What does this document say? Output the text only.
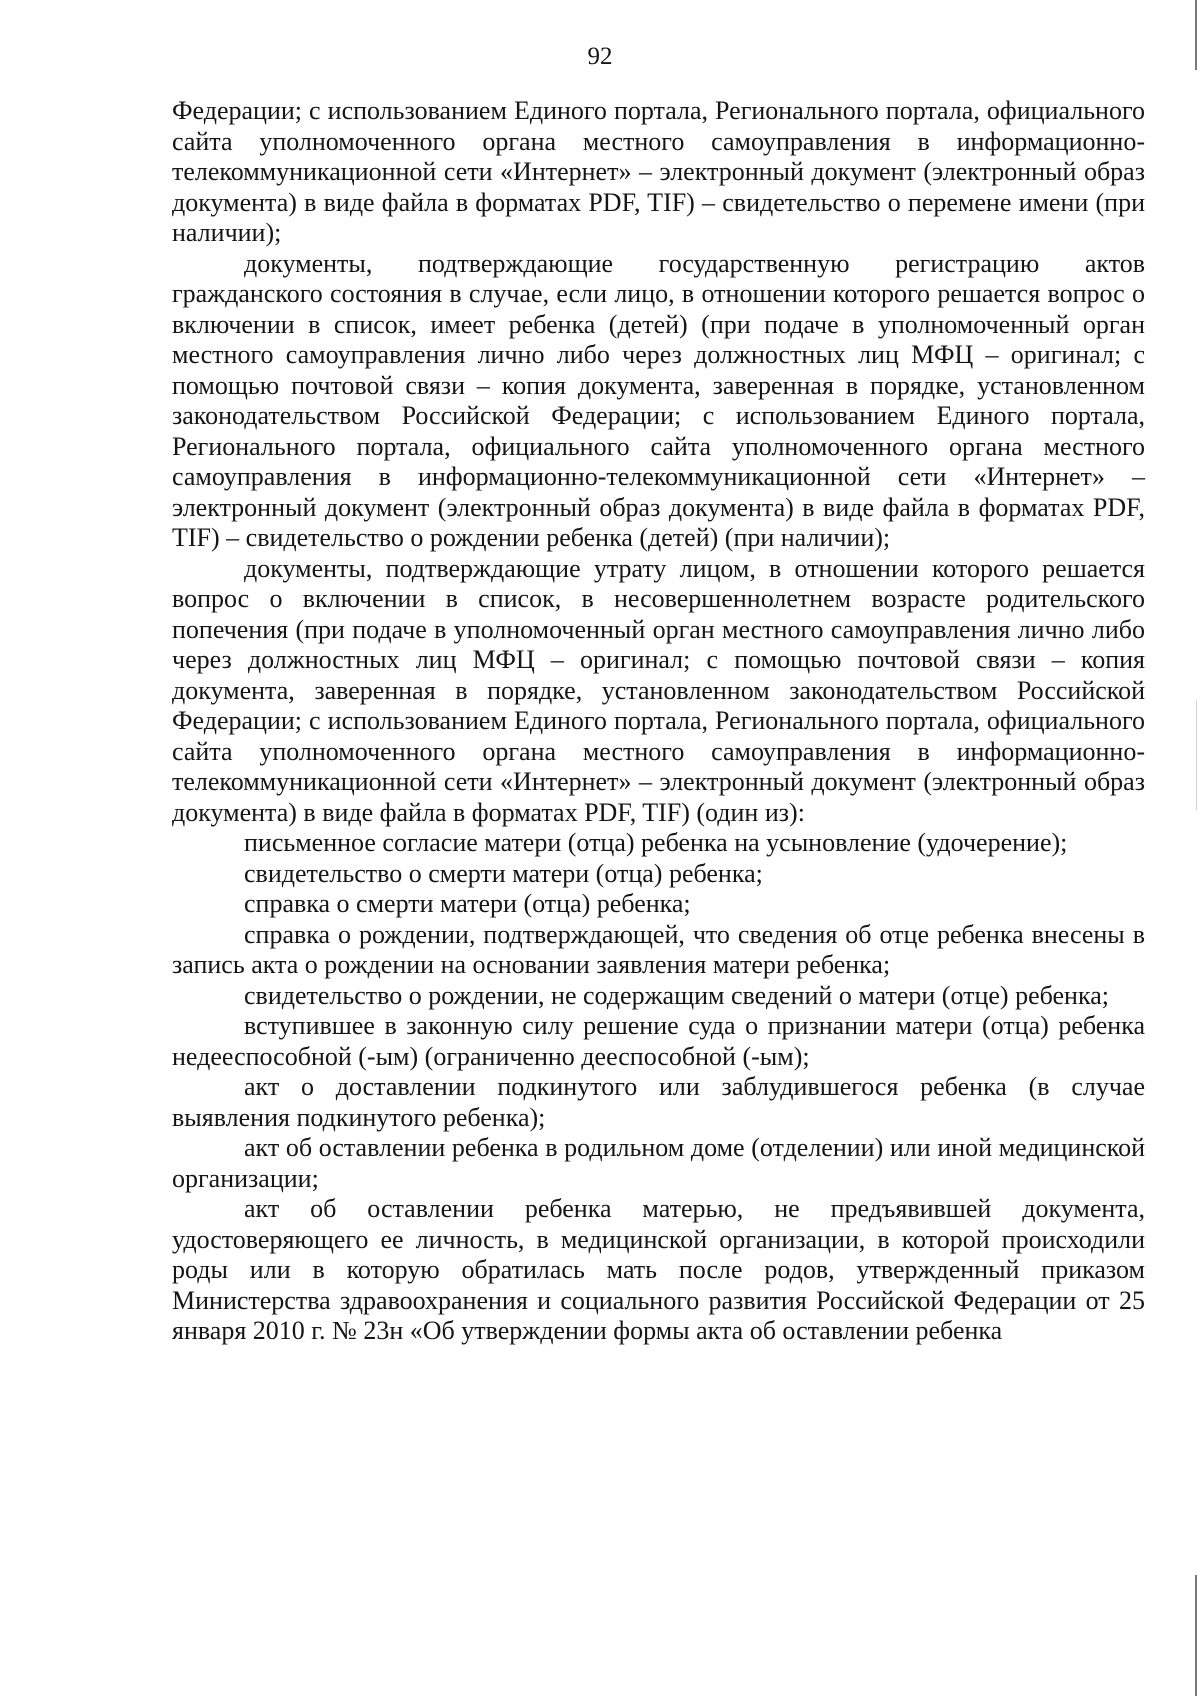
92

Федерации; с использованием Единого портала, Регионального портала, официального сайта уполномоченного органа местного самоуправления в информационно-телекоммуникационной сети «Интернет» – электронный документ (электронный образ документа) в виде файла в форматах PDF, TIF) – свидетельство о перемене имени (при наличии);

документы, подтверждающие государственную регистрацию актов гражданского состояния в случае, если лицо, в отношении которого решается вопрос о включении в список, имеет ребенка (детей) (при подаче в уполномоченный орган местного самоуправления лично либо через должностных лиц МФЦ – оригинал; с помощью почтовой связи – копия документа, заверенная в порядке, установленном законодательством Российской Федерации; с использованием Единого портала, Регионального портала, официального сайта уполномоченного органа местного самоуправления в информационно-телекоммуникационной сети «Интернет» – электронный документ (электронный образ документа) в виде файла в форматах PDF, TIF) – свидетельство о рождении ребенка (детей) (при наличии);

документы, подтверждающие утрату лицом, в отношении которого решается вопрос о включении в список, в несовершеннолетнем возрасте родительского попечения (при подаче в уполномоченный орган местного самоуправления лично либо через должностных лиц МФЦ – оригинал; с помощью почтовой связи – копия документа, заверенная в порядке, установленном законодательством Российской Федерации; с использованием Единого портала, Регионального портала, официального сайта уполномоченного органа местного самоуправления в информационно-телекоммуникационной сети «Интернет» – электронный документ (электронный образ документа) в виде файла в форматах PDF, TIF) (один из):

письменное согласие матери (отца) ребенка на усыновление (удочерение);

свидетельство о смерти матери (отца) ребенка;

справка о смерти матери (отца) ребенка;

справка о рождении, подтверждающей, что сведения об отце ребенка внесены в запись акта о рождении на основании заявления матери ребенка;

свидетельство о рождении, не содержащим сведений о матери (отце) ребенка;

вступившее в законную силу решение суда о признании матери (отца) ребенка недееспособной (-ым) (ограниченно дееспособной (-ым);

акт о доставлении подкинутого или заблудившегося ребенка (в случае выявления подкинутого ребенка);

акт об оставлении ребенка в родильном доме (отделении) или иной медицинской организации;

акт об оставлении ребенка матерью, не предъявившей документа, удостоверяющего ее личность, в медицинской организации, в которой происходили роды или в которую обратилась мать после родов, утвержденный приказом Министерства здравоохранения и социального развития Российской Федерации от 25 января 2010 г. № 23н «Об утверждении формы акта об оставлении ребенка
